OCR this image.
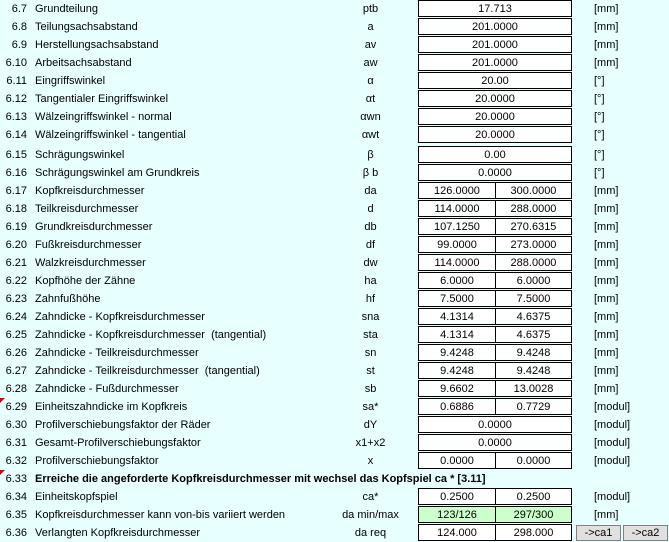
6.7 Grundteilung	ptb	17.713	[mm]
6.8 Teilungsachsabstand	a	201.0000	[mm]
6.9 Herstellungsachsabstand	av	201.0000	[mm]
6.10 Arbeitsachsabstand	aw	201.0000	[mm]
6.11 Eingriffswinkel	α	20.00	[°]
6.12 Tangentialer Eingriffswinkel	αt	20.0000	[°]
6.13 Wälzeingriffswinkel - normal	αwn	20.0000	[°]
6.14 Wälzeingriffswinkel - tangential	αwt	20.0000	[°]
6.15 Schrägungswinkel	β	0.00	[°]
6.16 Schrägungswinkel am Grundkreis	β b	0.0000	[°]
6.17 Kopfkreisdurchmesser	da	126.0000	300.0000	[mm]
6.18 Teilkreisdurchmesser	d	114.0000	288.0000	[mm]
6.19 Grundkreisdurchmesser	db	107.1250	270.6315	[mm]
6.20 Fußkreisdurchmesser	df	99.0000	273.0000	[mm]
6.21 Walzkreisdurchmesser	dw	114.0000	288.0000	[mm]
6.22 Kopfhöhe der Zähne	ha	6.0000	6.0000	[mm]
6.23 Zahnfußhöhe	hf	7.5000	7.5000	[mm]
6.24 Zahndicke - Kopfkreisdurchmesser	sna	4.1314	4.6375	[mm]
6.25 Zahndicke - Kopfkreisdurchmesser  (tangential)	sta	4.1314	4.6375	[mm]
6.26 Zahndicke - Teilkreisdurchmesser	sn	9.4248	9.4248	[mm]
6.27 Zahndicke - Teilkreisdurchmesser  (tangential)	st	9.4248	9.4248	[mm]
6.28 Zahndicke - Fußdurchmesser	sb	9.6602	13.0028	[mm]
6.29 Einheitszahndicke im Kopfkreis	sa*	0.6886	0.7729	[modul]
6.30 Profilverschiebungsfaktor der Räder	dY	0.0000	[modul]
6.31 Gesamt-Profilverschiebungsfaktor	x1+x2	0.0000	[modul]
6.32 Profilverschiebungsfaktor	x	0.0000	0.0000	[modul]
6.33 Erreiche die angeforderte Kopfkreisdurchmesser mit wechsel das Kopfspiel ca * [3.11]
6.34 Einheitskopfspiel	ca*	0.2500	0.2500	[modul]
6.35 Kopfkreisdurchmesser kann von-bis variiert werden	da min/max	123/126	297/300	[mm]
6.36 Verlangten Kopfkreisdurchmesser	da req	124.000	298.000	->ca1	->ca2
